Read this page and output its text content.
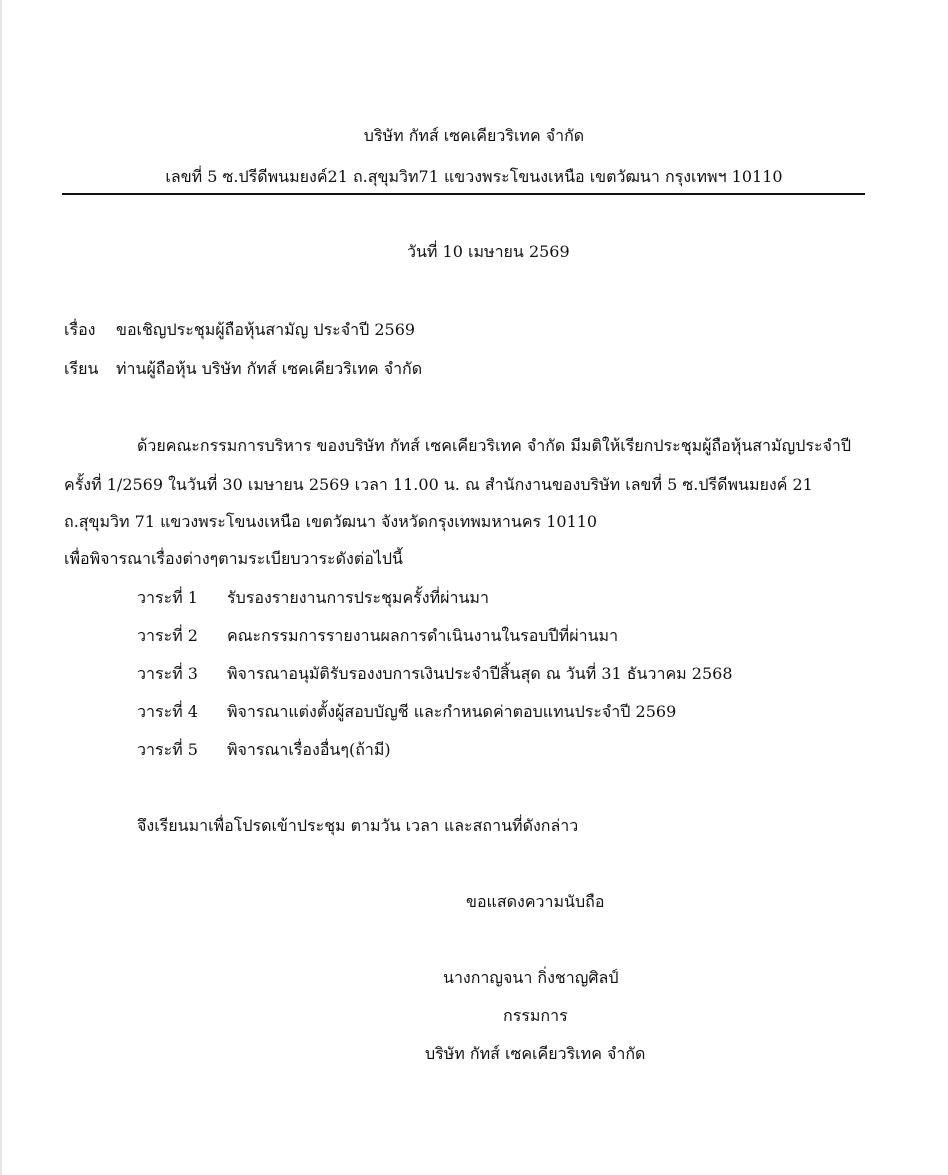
บริษัท กัทส์ เซคเคียวริเทค จำกัด
เลขที่ 5 ซ.ปรีดีพนมยงค์21 ถ.สุขุมวิท71 แขวงพระโขนงเหนือ เขตวัฒนา กรุงเทพฯ 10110
วันที่ 10 เมษายน 2569
เรื่อง ขอเชิญประชุมผู้ถือหุ้นสามัญ ประจำปี 2569
เรียน ท่านผู้ถือหุ้น บริษัท กัทส์ เซคเคียวริเทค จำกัด
ด้วยคณะกรรมการบริหาร ของบริษัท กัทส์ เซคเคียวริเทค จำกัด มีมติให้เรียกประชุมผู้ถือหุ้นสามัญประจำปี
ครั้งที่ 1/2569 ในวันที่ 30 เมษายน 2569 เวลา 11.00 น. ณ สำนักงานของบริษัท เลขที่ 5 ซ.ปรีดีพนมยงค์ 21
ถ.สุขุมวิท 71 แขวงพระโขนงเหนือ เขตวัฒนา จังหวัดกรุงเทพมหานคร 10110
เพื่อพิจารณาเรื่องต่างๆตามระเบียบวาระดังต่อไปนี้
วาระที่ 1 รับรองรายงานการประชุมครั้งที่ผ่านมา
วาระที่ 2 คณะกรรมการรายงานผลการดำเนินงานในรอบปีที่ผ่านมา
วาระที่ 3 พิจารณาอนุมัติรับรองงบการเงินประจำปีสิ้นสุด ณ วันที่ 31 ธันวาคม 2568
วาระที่ 4 พิจารณาแต่งตั้งผู้สอบบัญชี และกำหนดค่าตอบแทนประจำปี 2569
วาระที่ 5 พิจารณาเรื่องอื่นๆ(ถ้ามี)
จึงเรียนมาเพื่อโปรดเข้าประชุม ตามวัน เวลา และสถานที่ดังกล่าว
ขอแสดงความนับถือ
นางกาญจนา กิ่งชาญศิลป์
กรรมการ
บริษัท กัทส์ เซคเคียวริเทค จำกัด
